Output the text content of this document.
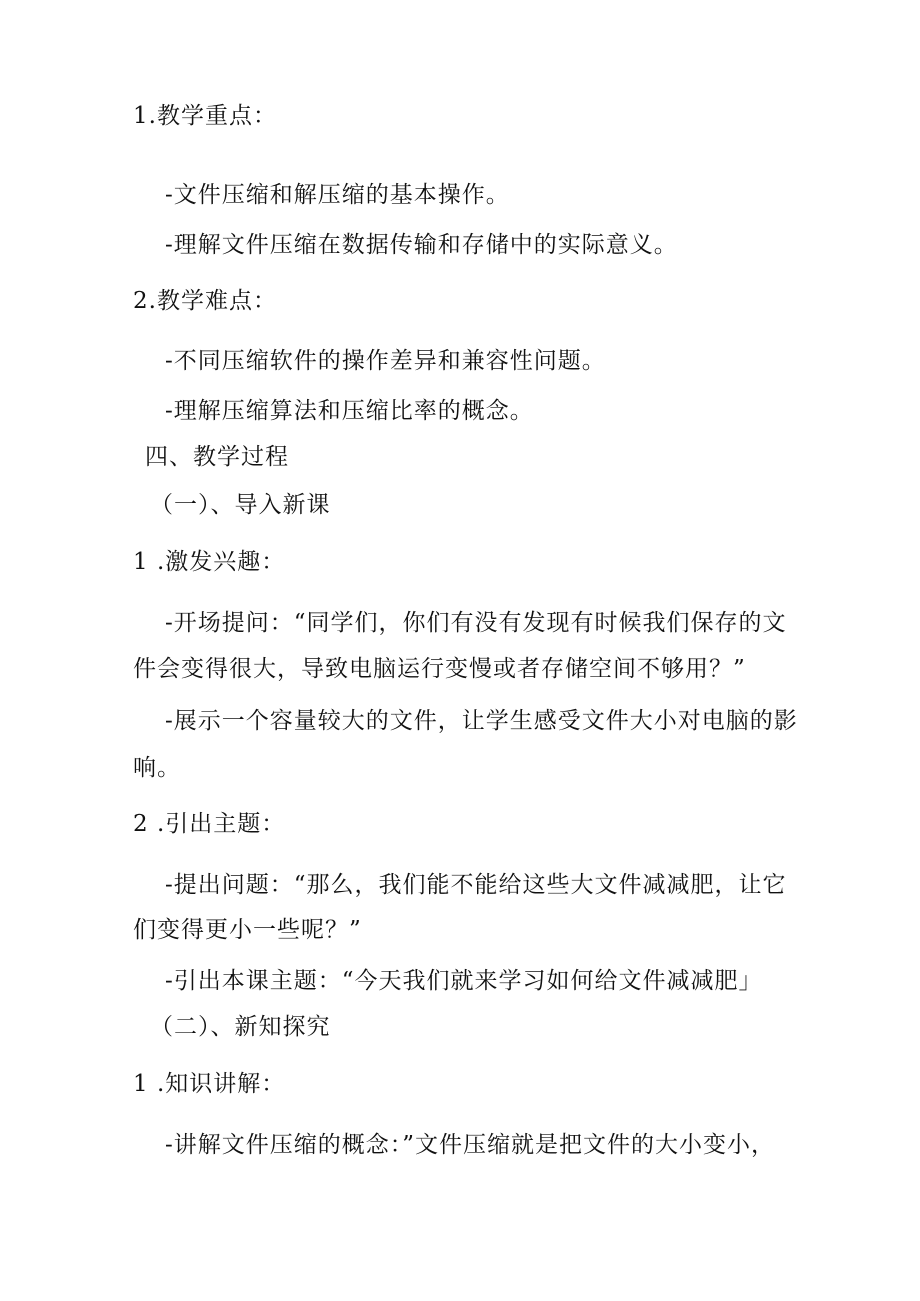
1.教学重点：
-文件压缩和解压缩的基本操作。
-理解文件压缩在数据传输和存储中的实际意义。
2.教学难点：
-不同压缩软件的操作差异和兼容性问题。
-理解压缩算法和压缩比率的概念。
四、教学过程
（一）、导入新课
1 .激发兴趣：
-开场提问：“同学们，你们有没有发现有时候我们保存的文
件会变得很大，导致电脑运行变慢或者存储空间不够用？”
-展示一个容量较大的文件，让学生感受文件大小对电脑的影
响。
2 .引出主题：
-提出问题：“那么，我们能不能给这些大文件减减肥，让它
们变得更小一些呢？”
-引出本课主题：“今天我们就来学习如何给文件减减肥」
（二）、新知探究
1 .知识讲解：
-讲解文件压缩的概念：”文件压缩就是把文件的大小变小，
